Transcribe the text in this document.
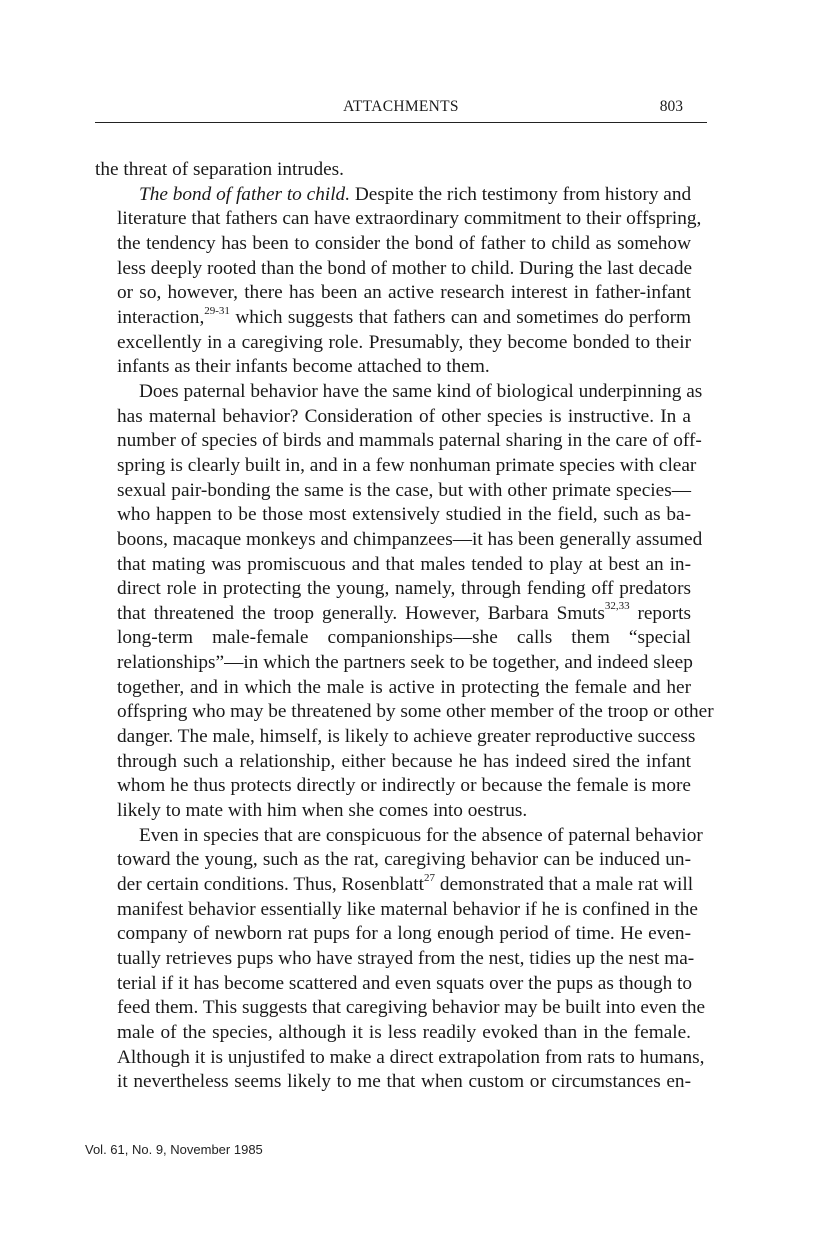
ATTACHMENTS	803

the threat of separation intrudes.

The bond of father to child. Despite the rich testimony from history and
literature that fathers can have extraordinary commitment to their offspring,
the tendency has been to consider the bond of father to child as somehow
less deeply rooted than the bond of mother to child. During the last decade
or so, however, there has been an active research interest in father-infant
interaction,$^{29-31}$ which suggests that fathers can and sometimes do perform
excellently in a caregiving role. Presumably, they become bonded to their
infants as their infants become attached to them.

Does paternal behavior have the same kind of biological underpinning as
has maternal behavior? Consideration of other species is instructive. In a
number of species of birds and mammals paternal sharing in the care of off-
spring is clearly built in, and in a few nonhuman primate species with clear
sexual pair-bonding the same is the case, but with other primate species—
who happen to be those most extensively studied in the field, such as ba-
boons, macaque monkeys and chimpanzees—it has been generally assumed
that mating was promiscuous and that males tended to play at best an in-
direct role in protecting the young, namely, through fending off predators
that threatened the troop generally. However, Barbara Smuts$^{32,33}$ reports
long-term male-female companionships—she calls them “special
relationships”—in which the partners seek to be together, and indeed sleep
together, and in which the male is active in protecting the female and her
offspring who may be threatened by some other member of the troop or other
danger. The male, himself, is likely to achieve greater reproductive success
through such a relationship, either because he has indeed sired the infant
whom he thus protects directly or indirectly or because the female is more
likely to mate with him when she comes into oestrus.

Even in species that are conspicuous for the absence of paternal behavior
toward the young, such as the rat, caregiving behavior can be induced un-
der certain conditions. Thus, Rosenblatt$^{27}$ demonstrated that a male rat will
manifest behavior essentially like maternal behavior if he is confined in the
company of newborn rat pups for a long enough period of time. He even-
tually retrieves pups who have strayed from the nest, tidies up the nest ma-
terial if it has become scattered and even squats over the pups as though to
feed them. This suggests that caregiving behavior may be built into even the
male of the species, although it is less readily evoked than in the female.
Although it is unjustifed to make a direct extrapolation from rats to humans,
it nevertheless seems likely to me that when custom or circumstances en-

Vol. 61, No. 9, November 1985
